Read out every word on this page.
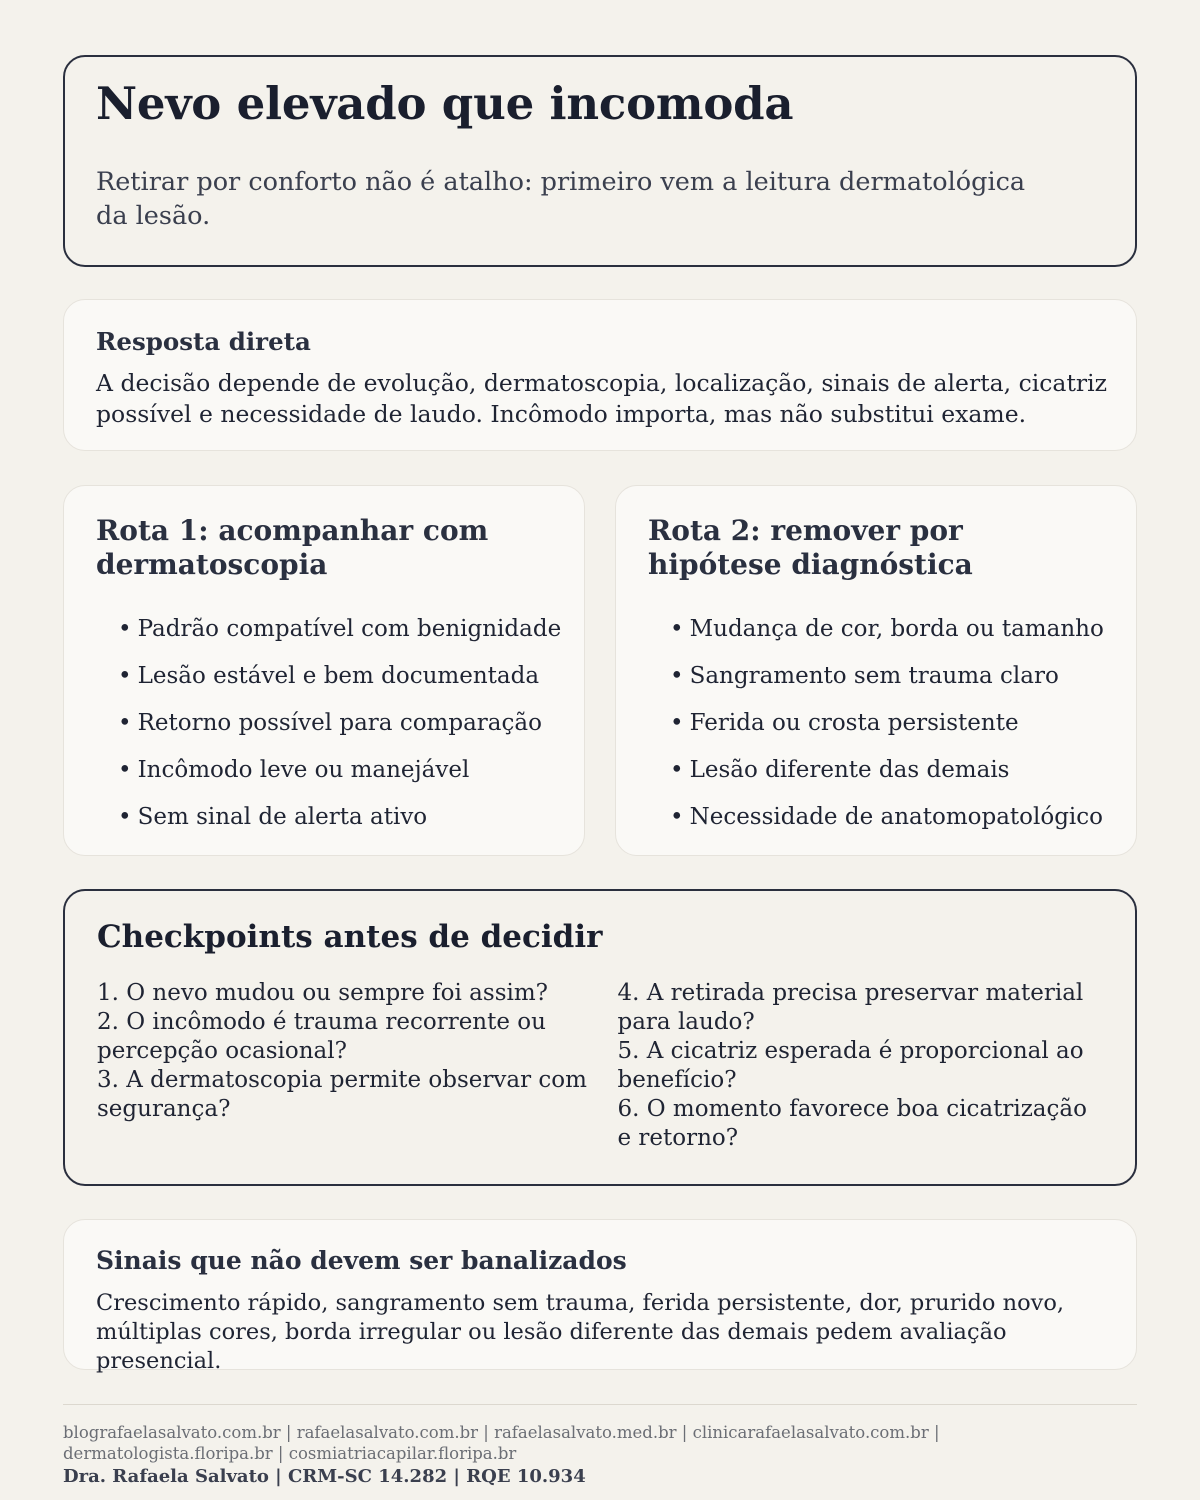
Nevo elevado que incomoda

Retirar por conforto não é atalho: primeiro vem a leitura dermatológica da lesão.

Resposta direta

A decisão depende de evolução, dermatoscopia, localização, sinais de alerta, cicatriz possível e necessidade de laudo. Incômodo importa, mas não substitui exame.

Rota 1: acompanhar com dermatoscopia
• Padrão compatível com benignidade
• Lesão estável e bem documentada
• Retorno possível para comparação
• Incômodo leve ou manejável
• Sem sinal de alerta ativo
Rota 2: remover por hipótese diagnóstica
• Mudança de cor, borda ou tamanho
• Sangramento sem trauma claro
• Ferida ou crosta persistente
• Lesão diferente das demais
• Necessidade de anatomopatológico
Checkpoints antes de decidir
1. O nevo mudou ou sempre foi assim?
2. O incômodo é trauma recorrente ou percepção ocasional?
3. A dermatoscopia permite observar com segurança?
4. A retirada precisa preservar material para laudo?
5. A cicatriz esperada é proporcional ao benefício?
6. O momento favorece boa cicatrização e retorno?
Sinais que não devem ser banalizados

Crescimento rápido, sangramento sem trauma, ferida persistente, dor, prurido novo, múltiplas cores, borda irregular ou lesão diferente das demais pedem avaliação presencial.

blografaelasalvato.com.br | rafaelasalvato.com.br | rafaelasalvato.med.br | clinicarafaelasalvato.com.br | dermatologista.floripa.br | cosmiatriacapilar.floripa.br
Dra. Rafaela Salvato | CRM-SC 14.282 | RQE 10.934
